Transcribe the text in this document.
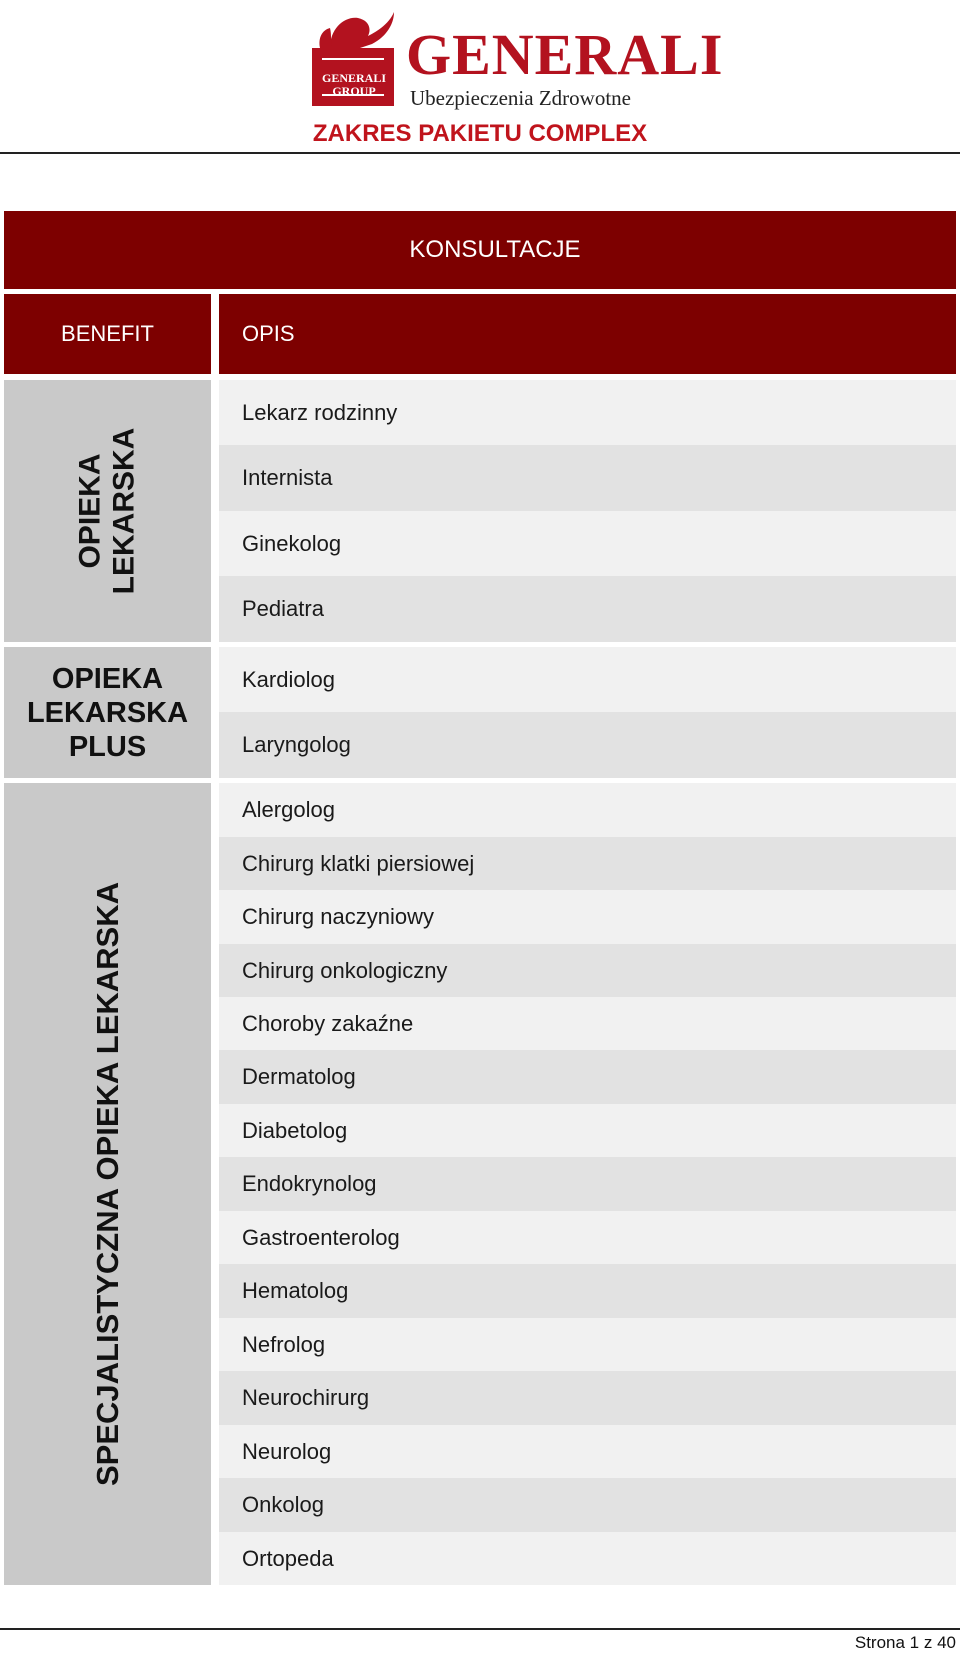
GENERALI GROUP
GENERALI
Ubezpieczenia Zdrowotne
ZAKRES PAKIETU COMPLEX
KONSULTACJE
BENEFIT	OPIS
OPIEKA LEKARSKA
OPIEKA
LEKARSKA
PLUS
SPECJALISTYCZNA OPIEKA LEKARSKA
Lekarz rodzinny
Internista
Ginekolog
Pediatra
Kardiolog
Laryngolog
Alergolog
Chirurg klatki piersiowej
Chirurg naczyniowy
Chirurg onkologiczny
Choroby zakaźne
Dermatolog
Diabetolog
Endokrynolog
Gastroenterolog
Hematolog
Nefrolog
Neurochirurg
Neurolog
Onkolog
Ortopeda
Strona 1 z 40
